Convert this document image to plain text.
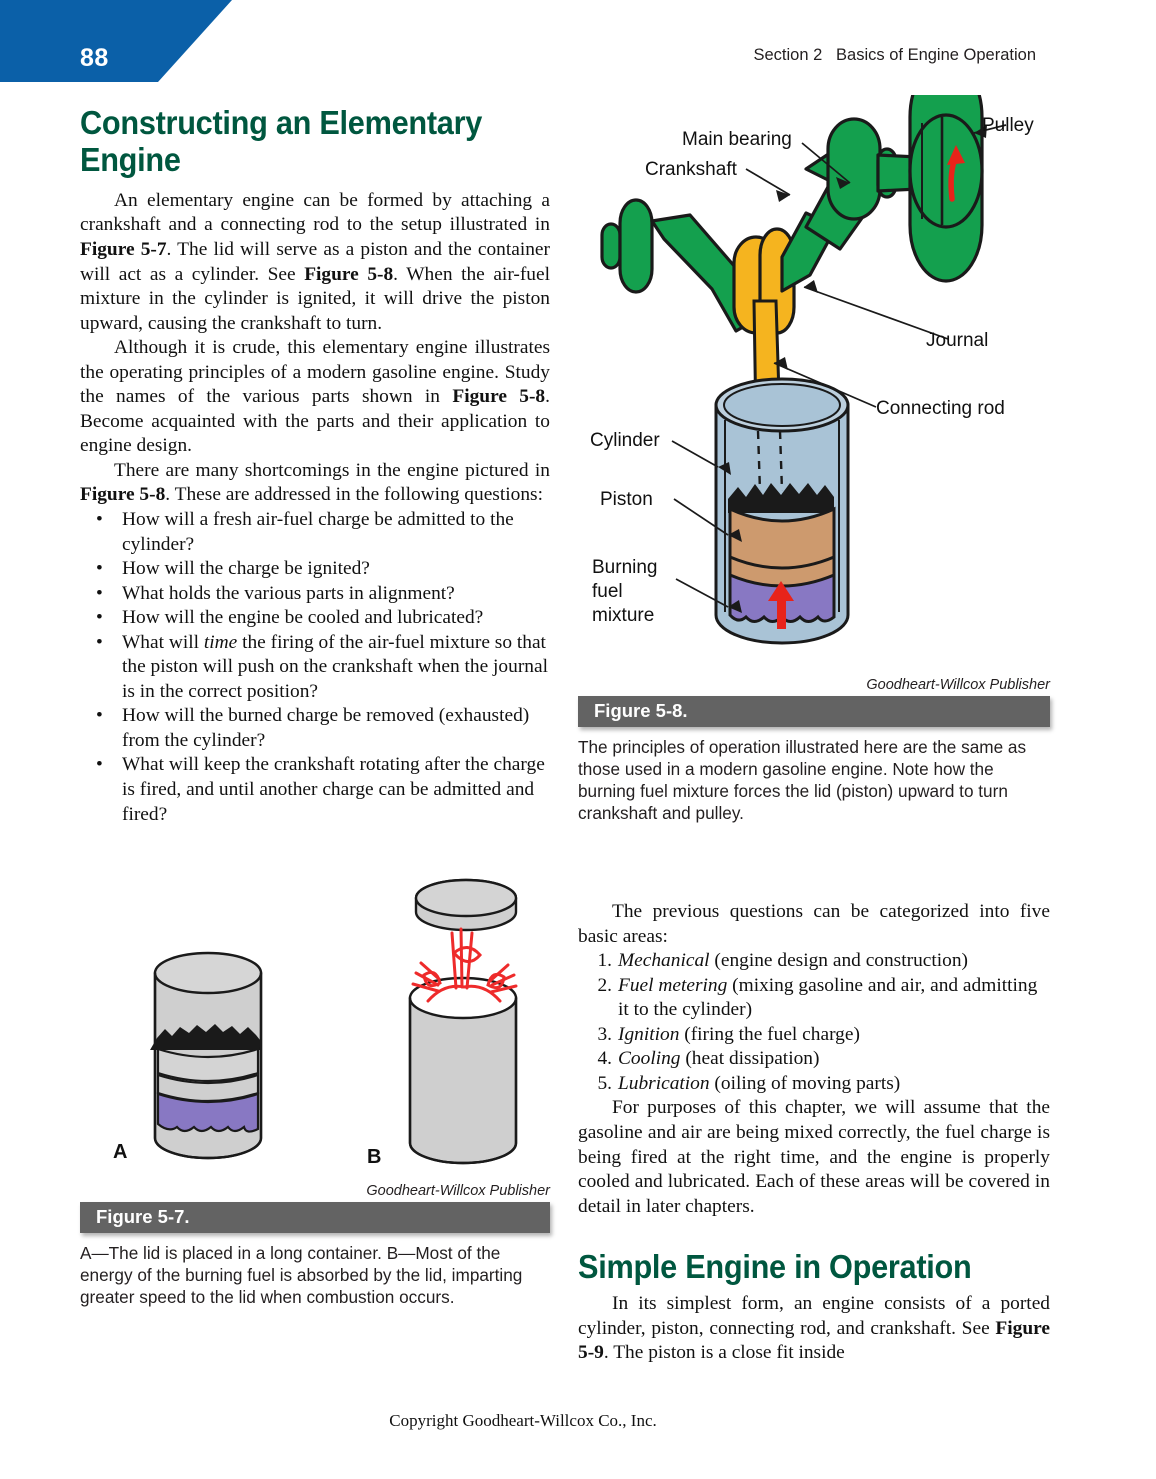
88	Section 2   Basics of Engine Operation
Constructing an Elementary Engine

An elementary engine can be formed by attaching a crankshaft and a connecting rod to the setup illustrated in Figure 5-7. The lid will serve as a piston and the container will act as a cylinder. See Figure 5-8. When the air-fuel mixture in the cylinder is ignited, it will drive the piston upward, causing the crankshaft to turn.

Although it is crude, this elementary engine illustrates the operating principles of a modern gasoline engine. Study the names of the various parts shown in Figure 5-8. Become acquainted with the parts and their application to engine design.

There are many shortcomings in the engine pictured in Figure 5-8. These are addressed in the following questions:

• How will a fresh air-fuel charge be admitted to the cylinder?
• How will the charge be ignited?
• What holds the various parts in alignment?
• How will the engine be cooled and lubricated?
• What will time the firing of the air-fuel mixture so that the piston will push on the crankshaft when the journal is in the correct position?
• How will the burned charge be removed (exhausted) from the cylinder?
• What will keep the crankshaft rotating after the charge is fired, and until another charge can be admitted and fired?
A	B
Goodheart-Willcox Publisher
Figure 5-7.
A—The lid is placed in a long container. B—Most of the energy of the burning fuel is absorbed by the lid, imparting greater speed to the lid when combustion occurs.
Main bearing
Crankshaft
Pulley
Journal
Connecting rod
Cylinder
Piston
Burning
fuel
mixture
Goodheart-Willcox Publisher
Figure 5-8.
The principles of operation illustrated here are the same as those used in a modern gasoline engine. Note how the burning fuel mixture forces the lid (piston) upward to turn crankshaft and pulley.

The previous questions can be categorized into five basic areas:

1. Mechanical (engine design and construction)
2. Fuel metering (mixing gasoline and air, and admitting it to the cylinder)
3. Ignition (firing the fuel charge)
4. Cooling (heat dissipation)
5. Lubrication (oiling of moving parts)

For purposes of this chapter, we will assume that the gasoline and air are being mixed correctly, the fuel charge is being fired at the right time, and the engine is properly cooled and lubricated. Each of these areas will be covered in detail in later chapters.

Simple Engine in Operation

In its simplest form, an engine consists of a ported cylinder, piston, connecting rod, and crankshaft. See Figure 5-9. The piston is a close fit inside

Copyright Goodheart-Willcox Co., Inc.
